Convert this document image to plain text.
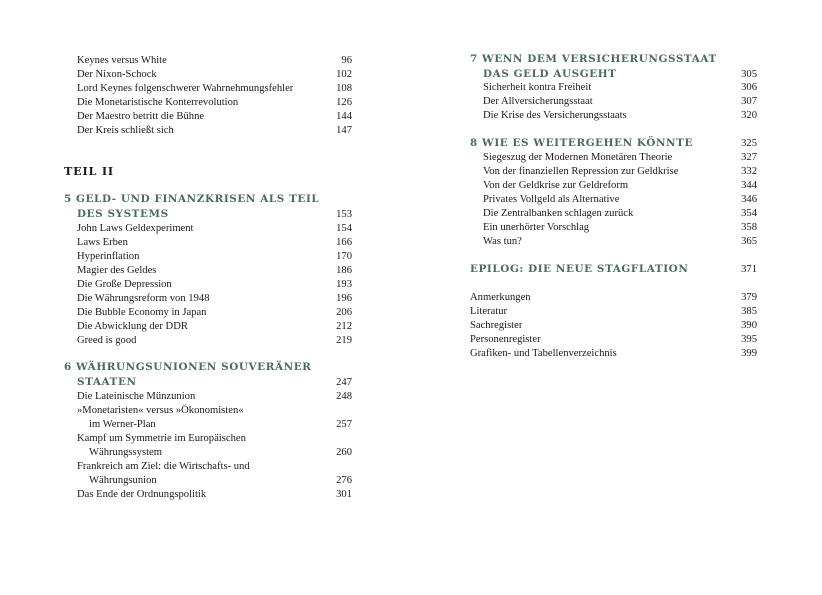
Keynes versus White	96
Der Nixon-Schock	102
Lord Keynes folgenschwerer Wahrnehmungsfehler	108
Die Monetaristische Konterrevolution	126
Der Maestro betritt die Bühne	144
Der Kreis schließt sich	147
TEIL II
5 GELD- UND FINANZKRISEN ALS TEIL
DES SYSTEMS	153
John Laws Geldexperiment	154
Laws Erben	166
Hyperinflation	170
Magier des Geldes	186
Die Große Depression	193
Die Währungsreform von 1948	196
Die Bubble Economy in Japan	206
Die Abwicklung der DDR	212
Greed is good	219
6 WÄHRUNGSUNIONEN SOUVERÄNER
STAATEN	247
Die Lateinische Münzunion	248
»Monetaristen« versus »Ökonomisten«
im Werner-Plan	257
Kampf um Symmetrie im Europäischen
Währungssystem	260
Frankreich am Ziel: die Wirtschafts- und
Währungsunion	276
Das Ende der Ordnungspolitik	301
7 WENN DEM VERSICHERUNGSSTAAT
DAS GELD AUSGEHT	305
Sicherheit kontra Freiheit	306
Der Allversicherungsstaat	307
Die Krise des Versicherungsstaats	320
8 WIE ES WEITERGEHEN KÖNNTE	325
Siegeszug der Modernen Monetären Theorie	327
Von der finanziellen Repression zur Geldkrise	332
Von der Geldkrise zur Geldreform	344
Privates Vollgeld als Alternative	346
Die Zentralbanken schlagen zurück	354
Ein unerhörter Vorschlag	358
Was tun?	365
EPILOG: DIE NEUE STAGFLATION	371
Anmerkungen	379
Literatur	385
Sachregister	390
Personenregister	395
Grafiken- und Tabellenverzeichnis	399
